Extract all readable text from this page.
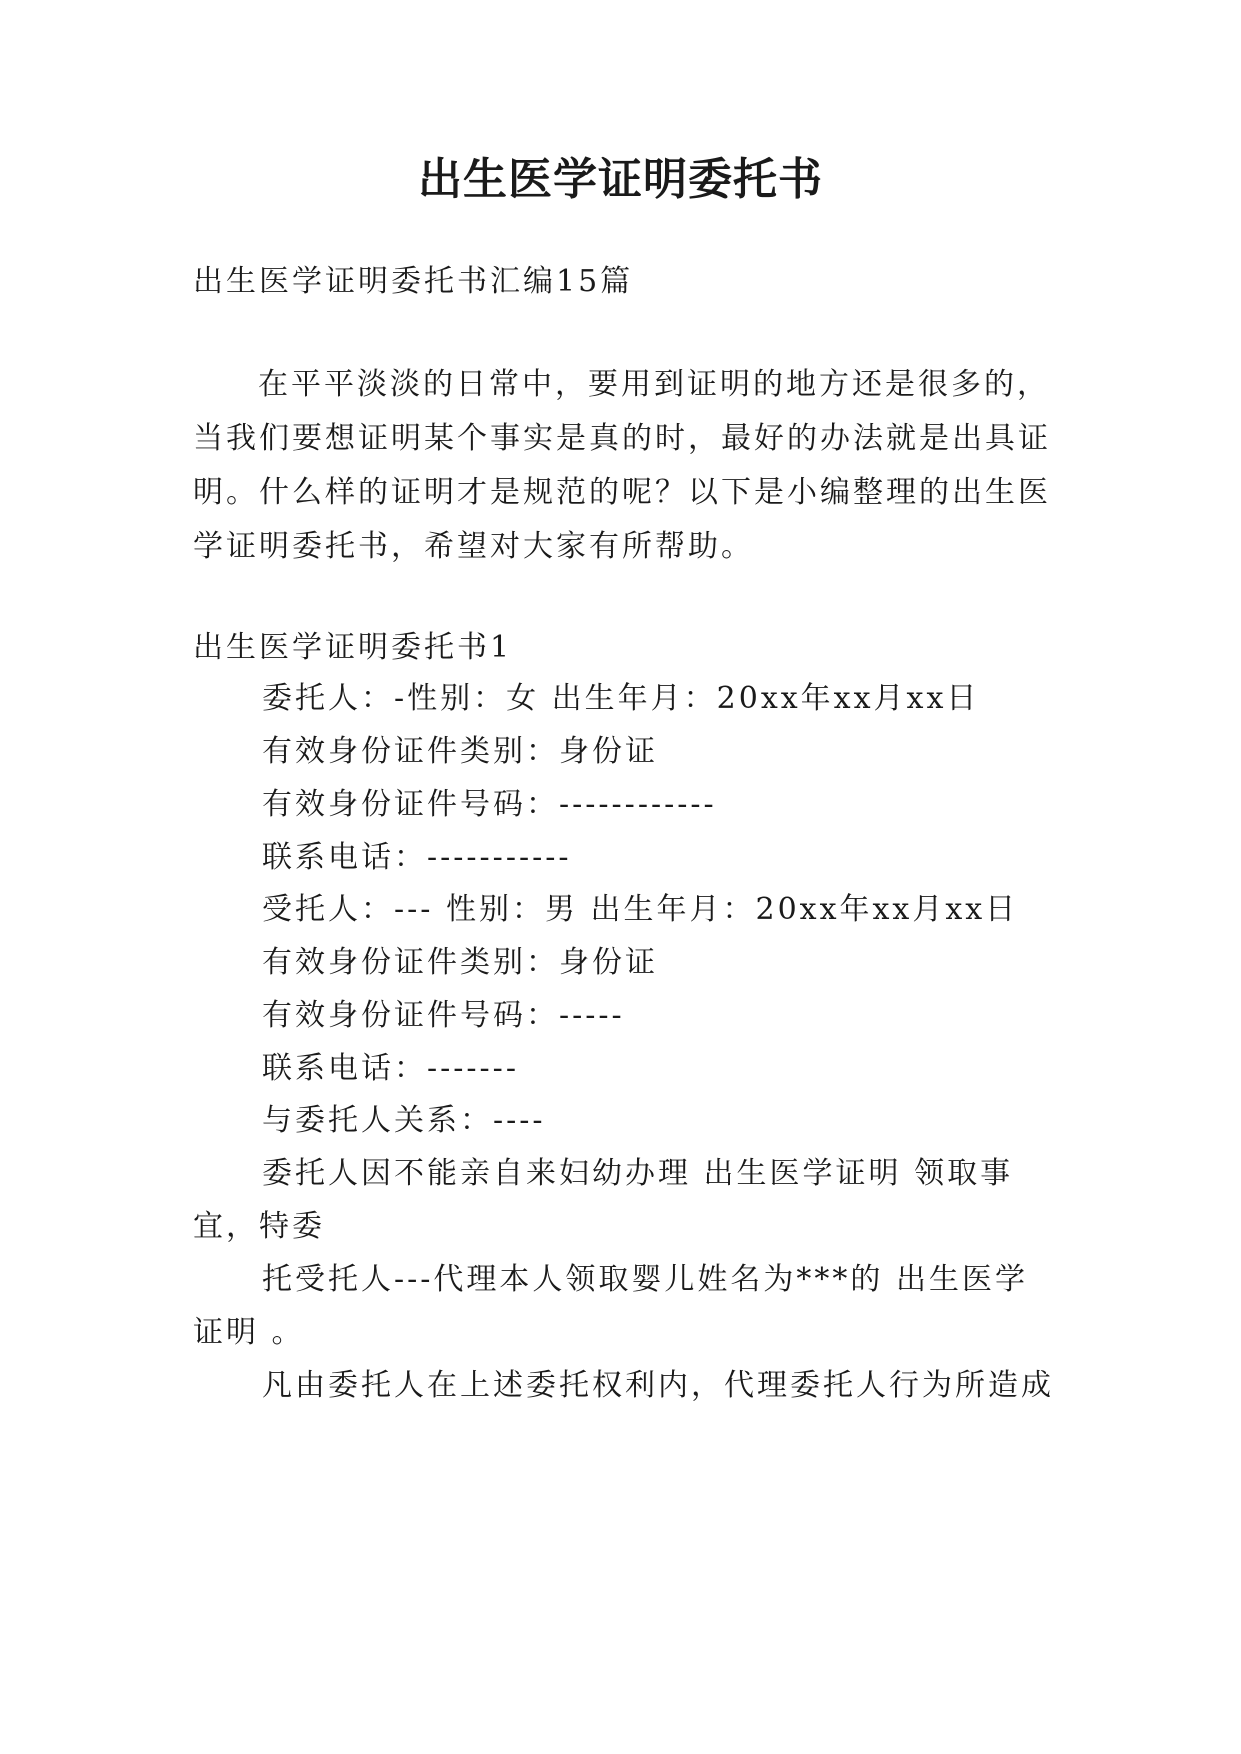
出生医学证明委托书

出生医学证明委托书汇编15篇

在平平淡淡的日常中，要用到证明的地方还是很多的，

当我们要想证明某个事实是真的时，最好的办法就是出具证

明。什么样的证明才是规范的呢？以下是小编整理的出生医

学证明委托书，希望对大家有所帮助。

出生医学证明委托书1

委托人：-性别：女 出生年月：20xx年xx月xx日

有效身份证件类别：身份证

有效身份证件号码：------------

联系电话：-----------

受托人：--- 性别：男 出生年月：20xx年xx月xx日

有效身份证件类别：身份证

有效身份证件号码：-----

联系电话：-------

与委托人关系：----

委托人因不能亲自来妇幼办理 出生医学证明 领取事

宜，特委

托受托人---代理本人领取婴儿姓名为***的 出生医学

证明 。

凡由委托人在上述委托权利内，代理委托人行为所造成
